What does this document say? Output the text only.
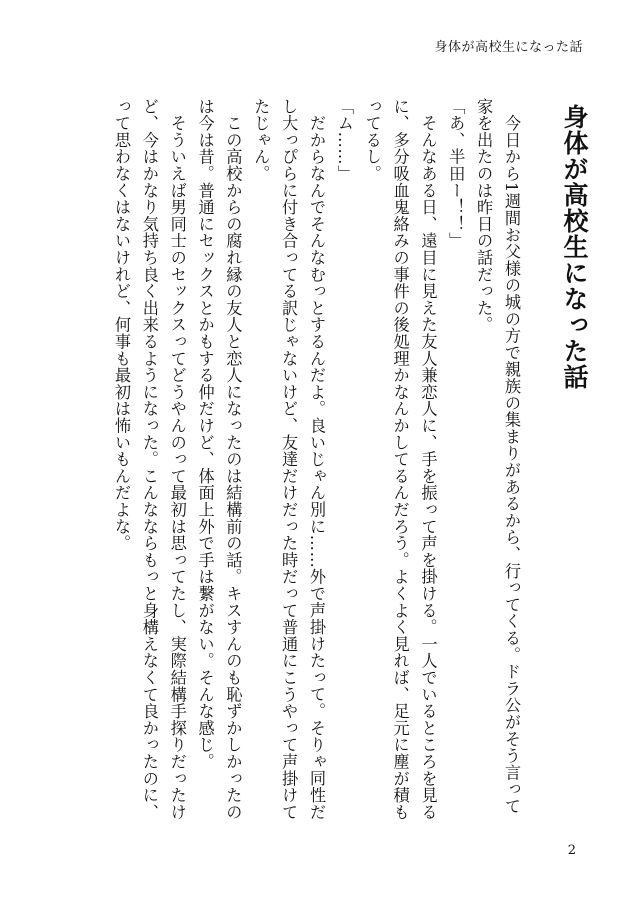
身体が高校生になった話
身体が高校生になった話

　今日から1週間お父様の城の方で親族の集まりがあるから、行ってくる。ドラ公がそう言って家を出たのは昨日の話だった。

「あ、半田ー！！」

　そんなある日、遠目に見えた友人兼恋人に、手を振って声を掛ける。一人でいるところを見るに、多分吸血鬼絡みの事件の後処理かなんかしてるんだろう。よくよく見れば、足元に塵が積もってるし。

「ム……」

　だからなんでそんなむっとするんだよ。良いじゃん別に……外で声掛けたって。そりゃ同性だし大っぴらに付き合ってる訳じゃないけど、友達だけだった時だって普通にこうやって声掛けてたじゃん。

　この高校からの腐れ縁の友人と恋人になったのは結構前の話。キスすんのも恥ずかしかったのは今は昔。普通にセックスとかもする仲だけど、体面上外で手は繋がない。そんな感じ。

　そういえば男同士のセックスってどうやんのって最初は思ってたし、実際結構手探りだったけど、今はかなり気持ち良く出来るようになった。こんなならもっと身構えなくて良かったのに、って思わなくはないけれど、何事も最初は怖いもんだよな。

2
